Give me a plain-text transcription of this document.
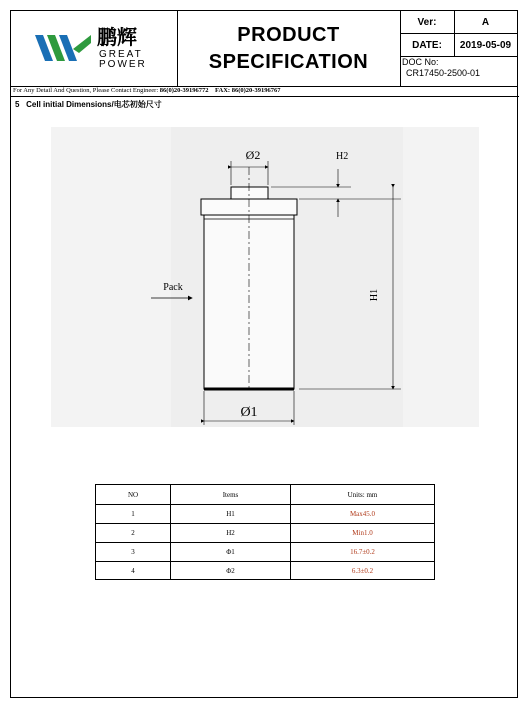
鹏辉
GREAT
POWER
PRODUCT
SPECIFICATION
Ver:	A
DATE:	2019-05-09
DOC No:
CR17450-2500-01
For Any Detail And Question, Please Contact Engineer: 86(0)20-39196772 FAX: 86(0)20-39196767
5 Cell initial Dimensions/电芯初始尺寸
Ø2	H2
H1
Ø1
Pack
NO	Items	Units: mm
1	H1	Max45.0
2	H2	Min1.0
3	Φ1	16.7±0.2
4	Φ2	6.3±0.2
